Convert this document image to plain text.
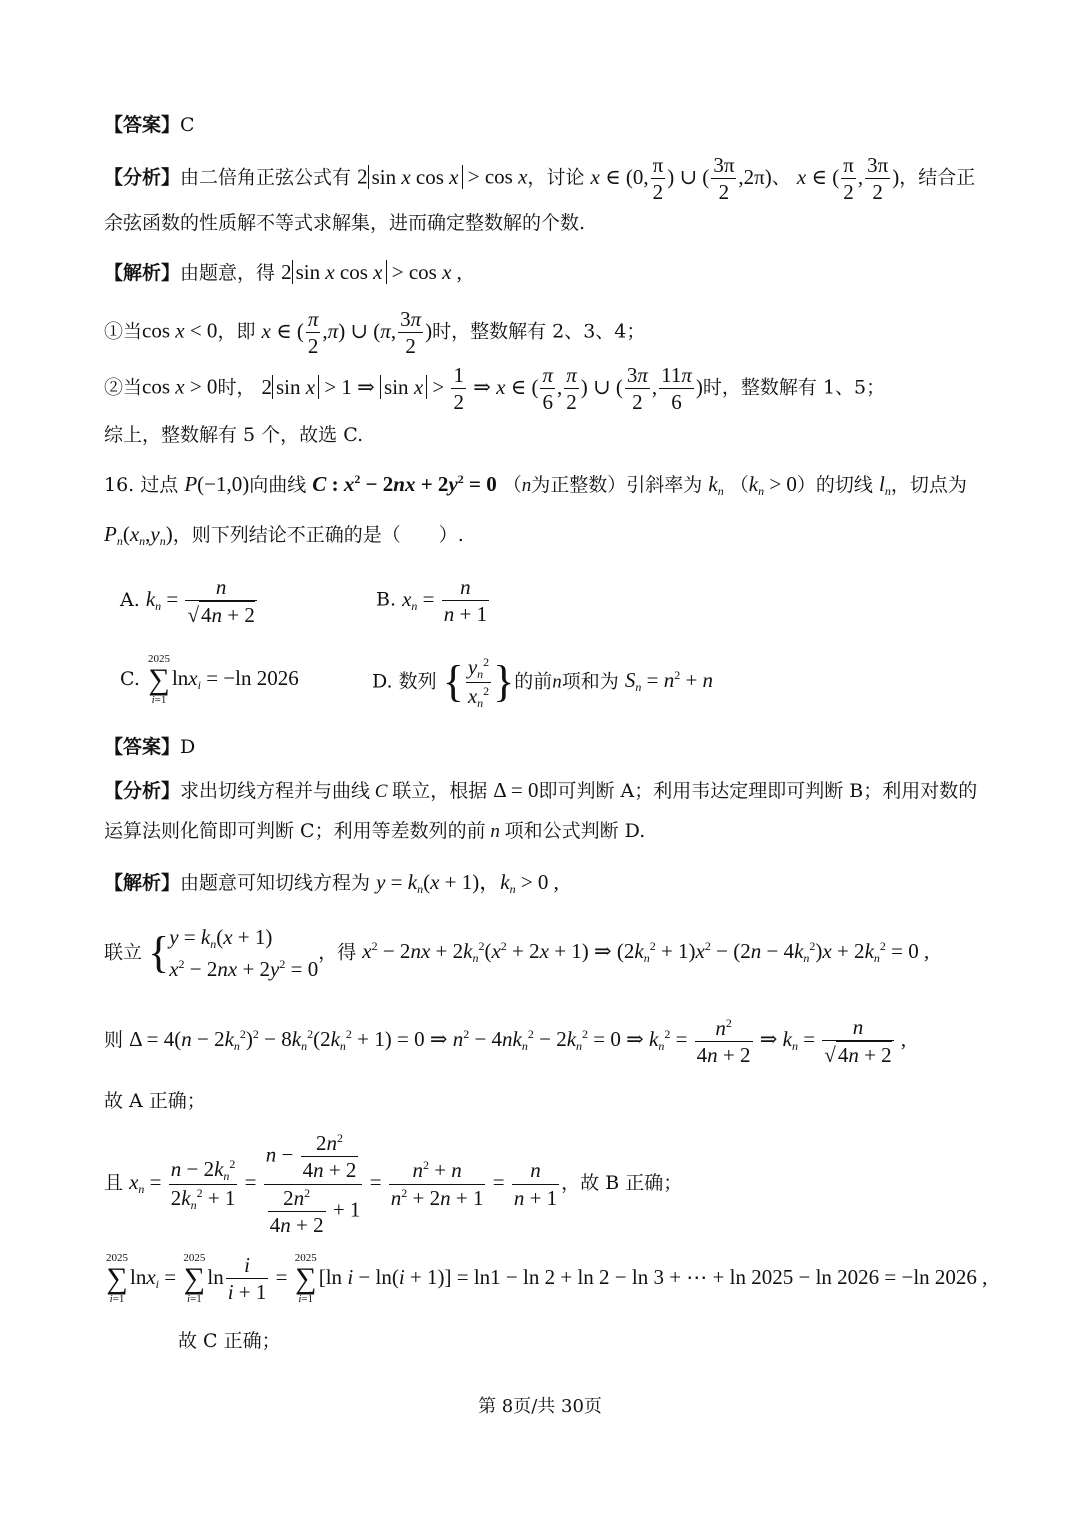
【答案】C
【分析】由二倍角正弦公式有 2 sin x cos x > cos x，讨论 x ∈ (0, $\frac{\pi}{2}$ ) ∪ ( $\frac{3\pi}{2} ,2\pi$)、 x ∈ ( $\frac{\pi}{2}$ , $\frac{3\pi}{2}$ )，结合正
余弦函数的性质解不等式求解集，进而确定整数解的个数.
【解析】由题意，得 2 sin x cos x > cos x ,
①当cos x < 0，即 x ∈ ( $\frac{\pi}{2} ,\pi$) ∪ (π, $\frac{3\pi}{2}$ )时，整数解有 2、3、4；
②当cos x > 0时， 2 sin x > 1 ⇒ $\sin x > \frac{1}{2}$ ⇒ x ∈ ( $\frac{\pi}{6}$ , $\frac{\pi}{2}$ ) ∪ ( $\frac{3\pi}{2}$ , $\frac{11\pi}{6}$ )时，整数解有 1、5；
综上，整数解有 5 个，故选 C.
16. 过点 P(−1,0)向曲线 C : $x^2 - 2nx + 2y^2 = 0$ （n为正整数）引斜率为 $k_n$ $(k_n > 0)$的切线 $l_n$，切点为
$P_n(x_n,y_n)$，则下列结论不正确的是（　　）.
A. $k_n = \frac{n}{√4n + 2}$	B. $x_n = \frac{n}{n + 1}$
C.
2025
∑
i=1
lnx$_i$ = −ln 2026	D. 数列 { $\frac{y_n^2}{x_n^2}$ }的前n项和为 $S_n = n^2 + n$
【答案】D
【分析】求出切线方程并与曲线 C 联立，根据 Δ = 0即可判断 A；利用韦达定理即可判断 B；利用对数的
运算法则化简即可判断 C；利用等差数列的前 n 项和公式判断 D.
【解析】由题意可知切线方程为 $y = k_n(x + 1)$，$k_n > 0$ ,
联立 { $y = k_n(x + 1)$
$x^2 - 2nx + 2y^2 = 0$
，得 $x^2 - 2nx + 2k_n^2(x^2 + 2x + 1)$ ⇒ $(2k_n^2 + 1)x^2 - (2n - 4k_n^2)x + 2k_n^2 = 0$ ,
则 $\Delta = 4(n - 2k_n^2)^2 - 8k_n^2(2k_n^2 + 1) = 0$ ⇒ $n^2 - 4nk_n^2 - 2k_n^2 = 0$ ⇒ $k_n^2 = \frac{n^2}{4n + 2}$ ⇒ $k_n = \frac{n}{√4n + 2}$ ,
故 A 正确；
且 $x_n = \frac{n - 2k_n^2}{2k_n^2 + 1} = \frac{n - \frac{2n^2}{4n + 2}}{\frac{2n^2}{4n + 2} + 1} = \frac{n^2 + n}{n^2 + 2n + 1} = \frac{n}{n + 1}$ ，故 B 正确；
2025
∑
i=1
lnx$_i$ =
2025
∑
i=1
$\ln \frac{i}{i + 1}$ =
2025
∑
i=1
[ln i − ln(i + 1)] = ln1 − ln 2 + ln 2 − ln 3 + ⋯ + ln 2025 − ln 2026 = −ln 2026 ,
故 C 正确；
第 8页/共 30页
